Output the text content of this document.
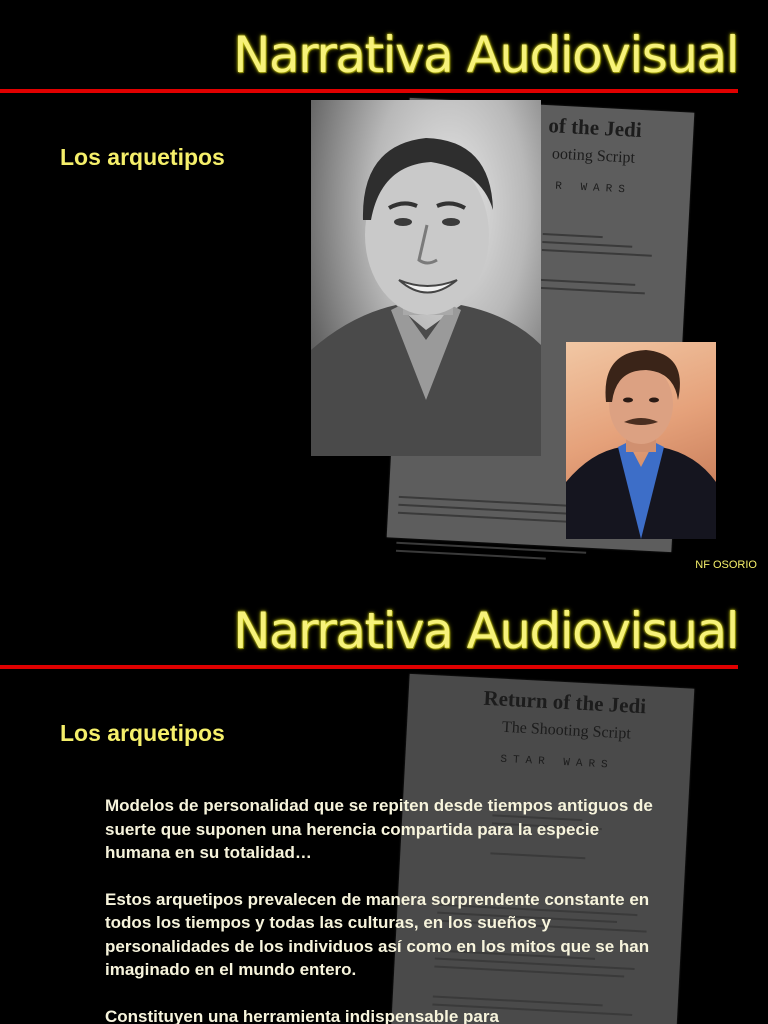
Narrativa Audiovisual
Los arquetipos
of the Jedi
ooting Script
R WARS

NF OSORIO
Narrativa Audiovisual
Return of the Jedi
The Shooting Script
STAR WARS

Los arquetipos

Modelos de personalidad que se repiten desde tiempos antiguos de suerte que suponen una herencia compartida para la especie humana en su totalidad…

Estos arquetipos prevalecen de manera sorprendente constante en todos los tiempos y todas las culturas, en los sueños y personalidades de los individuos así como en los mitos que se han imaginado en el mundo entero.

Constituyen una herramienta indispensable para
